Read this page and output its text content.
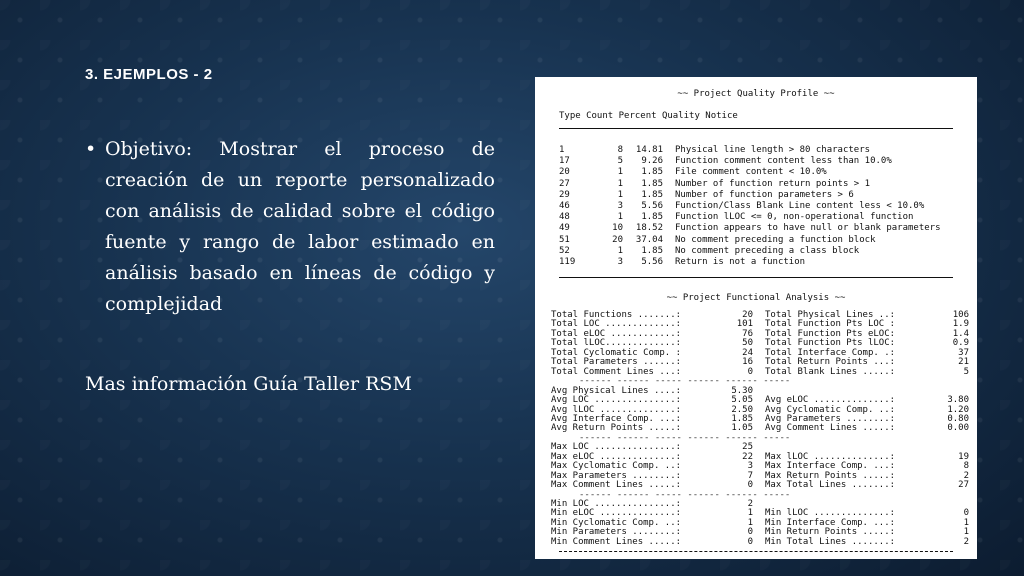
3. EJEMPLOS - 2
• Objetivo: Mostrar el proceso de creación de un reporte personalizado con análisis de calidad sobre el código fuente y rango de labor estimado en análisis basado en líneas de código y complejidad
Mas información Guía Taller RSM
~~ Project Quality Profile ~~
Type Count Percent Quality Notice
~~ Project Functional Analysis ~~
1	8	14.81 Physical line length > 80 characters
17	5	9.26 Function comment content less than 10.0%
20	1	1.85 File comment content < 10.0%
27	1	1.85 Number of function return points > 1
29	1	1.85 Number of function parameters > 6
46	3	5.56 Function/Class Blank Line content less < 10.0%
48	1	1.85 Function lLOC <= 0, non-operational function
49	10	18.52 Function appears to have null or blank parameters
51	20	37.04 No comment preceding a function block
52	1	1.85 No comment preceding a class block
119	3	5.56 Return is not a function
Total Functions .......:	20 Total Physical Lines ..:	106
Total LOC .............:	101 Total Function Pts LOC :	1.9
Total eLOC ............:	76 Total Function Pts eLOC:	1.4
Total lLOC.............:	50 Total Function Pts lLOC:	0.9
Total Cyclomatic Comp. :	24 Total Interface Comp. .:	37
Total Parameters ......:	16 Total Return Points ...:	21
Total Comment Lines ...:	0 Total Blank Lines .....:	5
------ ------ ----- ------ ------ -----
Avg Physical Lines ....:	5.30
Avg LOC ...............:	5.05 Avg eLOC ..............:	3.80
Avg lLOC ..............:	2.50 Avg Cyclomatic Comp. ..:	1.20
Avg Interface Comp. ...:	1.85 Avg Parameters ........:	0.80
Avg Return Points .....:	1.05 Avg Comment Lines .....:	0.00
------ ------ ----- ------ ------ -----
Max LOC ...............:	25
Max eLOC ..............:	22 Max lLOC ..............:	19
Max Cyclomatic Comp. ..:	3 Max Interface Comp. ...:	8
Max Parameters ........:	7 Max Return Points .....:	2
Max Comment Lines .....:	0 Max Total Lines .......:	27
------ ------ ----- ------ ------ -----
Min LOC ...............:	2
Min eLOC ..............:	1 Min lLOC ..............:	0
Min Cyclomatic Comp. ..:	1 Min Interface Comp. ...:	1
Min Parameters ........:	0 Min Return Points .....:	1
Min Comment Lines .....:	0 Min Total Lines .......:	2
